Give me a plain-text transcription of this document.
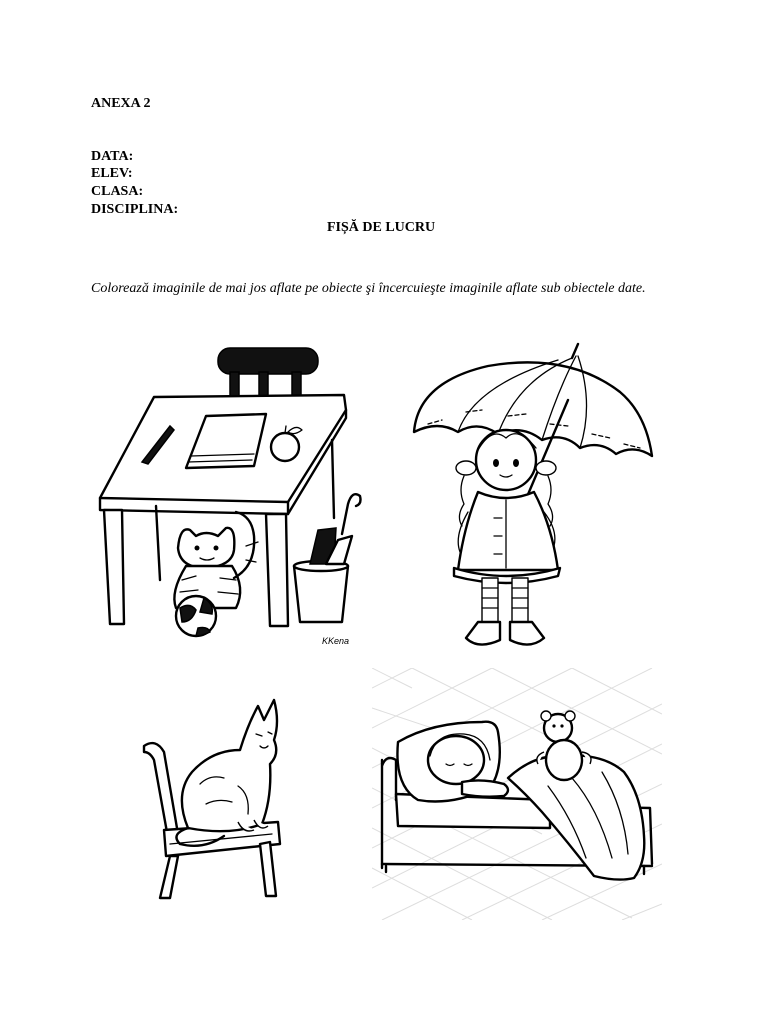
ANEXA 2
DATA:
ELEV:
CLASA:
DISCIPLINA:
FIȘĂ DE LUCRU
Colorează imaginile de mai jos aflate pe obiecte şi încercuieşte imaginile aflate sub obiectele date.
KKena
